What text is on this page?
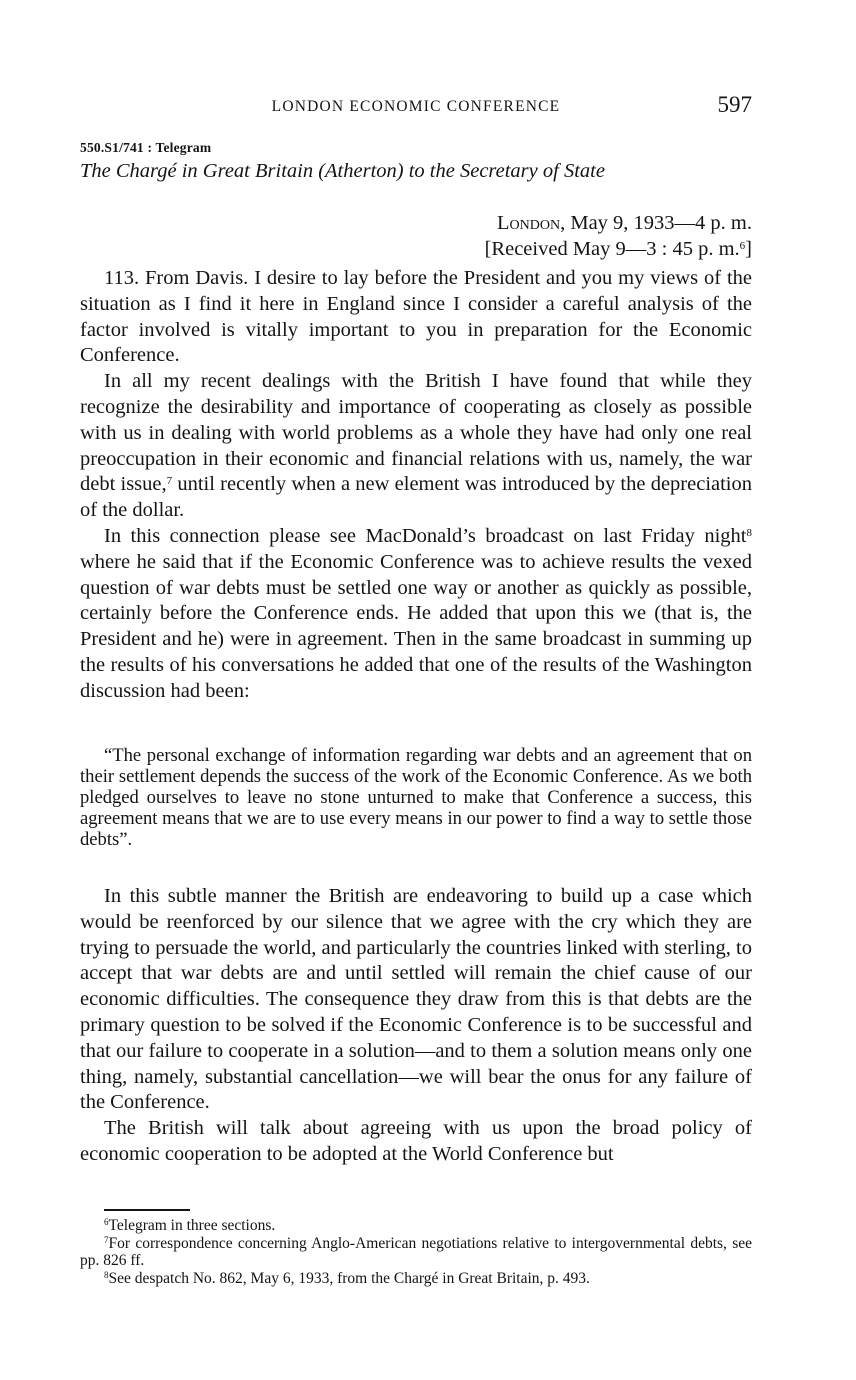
LONDON ECONOMIC CONFERENCE	597
550.S1/741 : Telegram
The Chargé in Great Britain (Atherton) to the Secretary of State
London, May 9, 1933—4 p. m.
[Received May 9—3 : 45 p. m.$^6$]

113. From Davis. I desire to lay before the President and you my views of the situation as I find it here in England since I consider a careful analysis of the factor involved is vitally important to you in preparation for the Economic Conference.

In all my recent dealings with the British I have found that while they recognize the desirability and importance of cooperating as closely as possible with us in dealing with world problems as a whole they have had only one real preoccupation in their economic and financial relations with us, namely, the war debt issue,$^7$ until recently when a new element was introduced by the depreciation of the dollar.

In this connection please see MacDonald’s broadcast on last Friday night$^8$ where he said that if the Economic Conference was to achieve results the vexed question of war debts must be settled one way or another as quickly as possible, certainly before the Conference ends. He added that upon this we (that is, the President and he) were in agreement. Then in the same broadcast in summing up the results of his conversations he added that one of the results of the Washington discussion had been:

“The personal exchange of information regarding war debts and an agreement that on their settlement depends the success of the work of the Economic Conference. As we both pledged ourselves to leave no stone unturned to make that Conference a success, this agreement means that we are to use every means in our power to find a way to settle those debts”.

In this subtle manner the British are endeavoring to build up a case which would be reenforced by our silence that we agree with the cry which they are trying to persuade the world, and particularly the countries linked with sterling, to accept that war debts are and until settled will remain the chief cause of our economic difficulties. The consequence they draw from this is that debts are the primary question to be solved if the Economic Conference is to be successful and that our failure to cooperate in a solution—and to them a solution means only one thing, namely, substantial cancellation—we will bear the onus for any failure of the Conference.

The British will talk about agreeing with us upon the broad policy of economic cooperation to be adopted at the World Conference but

$^6$Telegram in three sections.

$^7$For correspondence concerning Anglo-American negotiations relative to intergovernmental debts, see pp. 826 ff.

$^8$See despatch No. 862, May 6, 1933, from the Chargé in Great Britain, p. 493.
